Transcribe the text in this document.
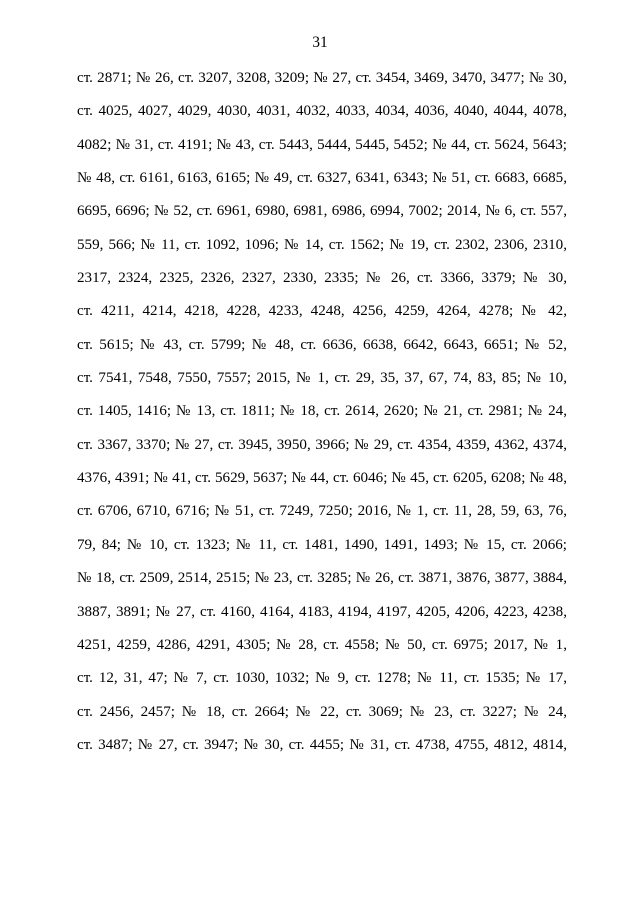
31
ст. 2871; № 26, ст. 3207, 3208, 3209; № 27, ст. 3454, 3469, 3470, 3477; № 30,
ст. 4025, 4027, 4029, 4030, 4031, 4032, 4033, 4034, 4036, 4040, 4044, 4078,
4082; № 31, ст. 4191; № 43, ст. 5443, 5444, 5445, 5452; № 44, ст. 5624, 5643;
№ 48, ст. 6161, 6163, 6165; № 49, ст. 6327, 6341, 6343; № 51, ст. 6683, 6685,
6695, 6696; № 52, ст. 6961, 6980, 6981, 6986, 6994, 7002; 2014, № 6, ст. 557,
559, 566; № 11, ст. 1092, 1096; № 14, ст. 1562; № 19, ст. 2302, 2306, 2310,
2317, 2324, 2325, 2326, 2327, 2330, 2335; № 26, ст. 3366, 3379; № 30,
ст. 4211, 4214, 4218, 4228, 4233, 4248, 4256, 4259, 4264, 4278; № 42,
ст. 5615; № 43, ст. 5799; № 48, ст. 6636, 6638, 6642, 6643, 6651; № 52,
ст. 7541, 7548, 7550, 7557; 2015, № 1, ст. 29, 35, 37, 67, 74, 83, 85; № 10,
ст. 1405, 1416; № 13, ст. 1811; № 18, ст. 2614, 2620; № 21, ст. 2981; № 24,
ст. 3367, 3370; № 27, ст. 3945, 3950, 3966; № 29, ст. 4354, 4359, 4362, 4374,
4376, 4391; № 41, ст. 5629, 5637; № 44, ст. 6046; № 45, ст. 6205, 6208; № 48,
ст. 6706, 6710, 6716; № 51, ст. 7249, 7250; 2016, № 1, ст. 11, 28, 59, 63, 76,
79, 84; № 10, ст. 1323; № 11, ст. 1481, 1490, 1491, 1493; № 15, ст. 2066;
№ 18, ст. 2509, 2514, 2515; № 23, ст. 3285; № 26, ст. 3871, 3876, 3877, 3884,
3887, 3891; № 27, ст. 4160, 4164, 4183, 4194, 4197, 4205, 4206, 4223, 4238,
4251, 4259, 4286, 4291, 4305; № 28, ст. 4558; № 50, ст. 6975; 2017, № 1,
ст. 12, 31, 47; № 7, ст. 1030, 1032; № 9, ст. 1278; № 11, ст. 1535; № 17,
ст. 2456, 2457; № 18, ст. 2664; № 22, ст. 3069; № 23, ст. 3227; № 24,
ст. 3487; № 27, ст. 3947; № 30, ст. 4455; № 31, ст. 4738, 4755, 4812, 4814,
